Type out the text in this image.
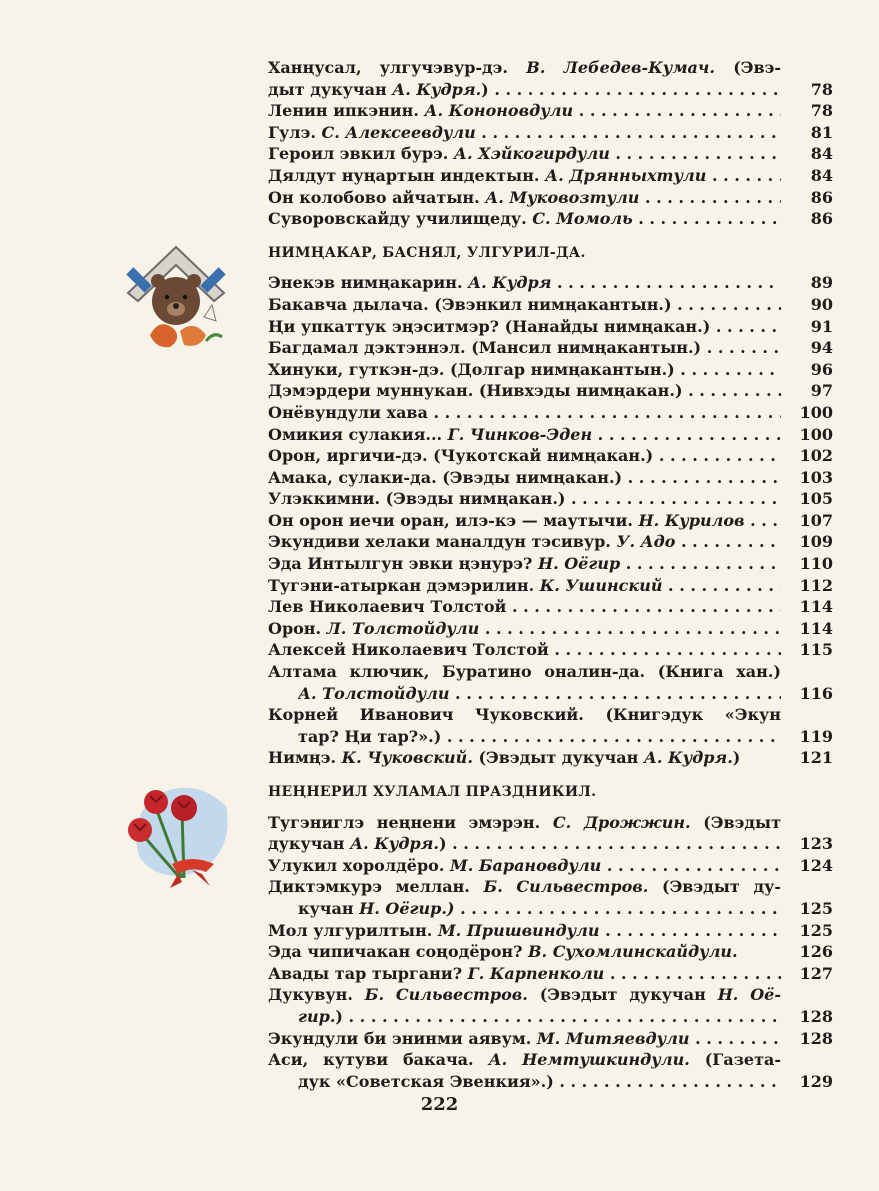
Ханңусал, улгучэвур-дэ. В. Лебедев-Кумач. (Эвэ-
дыт дукучан А. Кудря.) . . .	78
Ленин ипкэнин. А. Кононовдули . . .	78
Гулэ. С. Алексеевдули . . .	81
Героил эвкил бурэ. А. Хэйкогирдули . . .	84
Дялдут нуңартын индектын. А. Дрянныхтули . . .	84
Он колобово айчатын. А. Муковозтули . . .	86
Суворовскайду училищеду. С. Момоль . . .	86
НИМҢАКАР, БАСНЯЛ, УЛГУРИЛ-ДА.
Энекэв нимңакарин. А. Кудря . . .	89
Бакавча дылача. (Эвэнкил нимңакантын.) . . .	90
Ңи упкаттук эңэситмэр? (Нанайды нимңакан.) . . .	91
Багдамал дэктэннэл. (Мансил нимңакантын.) . . .	94
Хинуки, гуткэн-дэ. (Долгар нимңакантын.) . . .	96
Дэмэрдери муннукан. (Нивхэды нимңакан.) . . .	97
Онёвундули хава . . .	100
Омикия сулакия... Г. Чинков-Эден . . .	100
Орон, иргичи-дэ. (Чукотскай нимңакан.) . . .	102
Амака, сулаки-да. (Эвэды нимңакан.) . . .	103
Улэккимни. (Эвэды нимңакан.) . . .	105
Он орон иечи оран, илэ-кэ — маутычи. Н. Курилов . . .	107
Экундиви хелаки маналдун тэсивур. У. Адо . . .	109
Эда Интылгун эвки ңэнурэ? Н. Оёгир . . .	110
Тугэни-атыркан дэмэрилин. К. Ушинский . . .	112
Лев Николаевич Толстой . . .	114
Орон. Л. Толстойдули . . .	114
Алексей Николаевич Толстой . . .	115
Алтама ключик, Буратино оналин-да. (Книга хан.)
А. Толстойдули . . .	116
Корней Иванович Чуковский. (Книгэдук «Экун
тар? Ңи тар?».) . . .	119
Нимңэ. К. Чуковский. (Эвэдыт дукучан А. Кудря.)	121
НЕҢНЕРИЛ ХУЛАМАЛ ПРАЗДНИКИЛ.
Тугэниглэ неңнени эмэрэн. С. Дрожжин. (Эвэдыт
дукучан А. Кудря.) . . .	123
Улукил хоролдёро. М. Барановдули . . .	124
Диктэмкурэ меллан. Б. Сильвестров. (Эвэдыт ду-
кучан Н. Оёгир.) . . .	125
Мол улгурилтын. М. Пришвиндули . . .	125
Эда чипичакан соңодёрон? В. Сухомлинскайдули.	126
Авады тар тыргани? Г. Карпенколи . . .	127
Дукувун. Б. Сильвестров. (Эвэдыт дукучан Н. Оё-
гир.) . . .	128
Экундули би энинми аявум. М. Митяевдули . . .	128
Аси, кутуви бакача. А. Немтушкиндули. (Газета-
дук «Советская Эвенкия».) . . .	129
222
